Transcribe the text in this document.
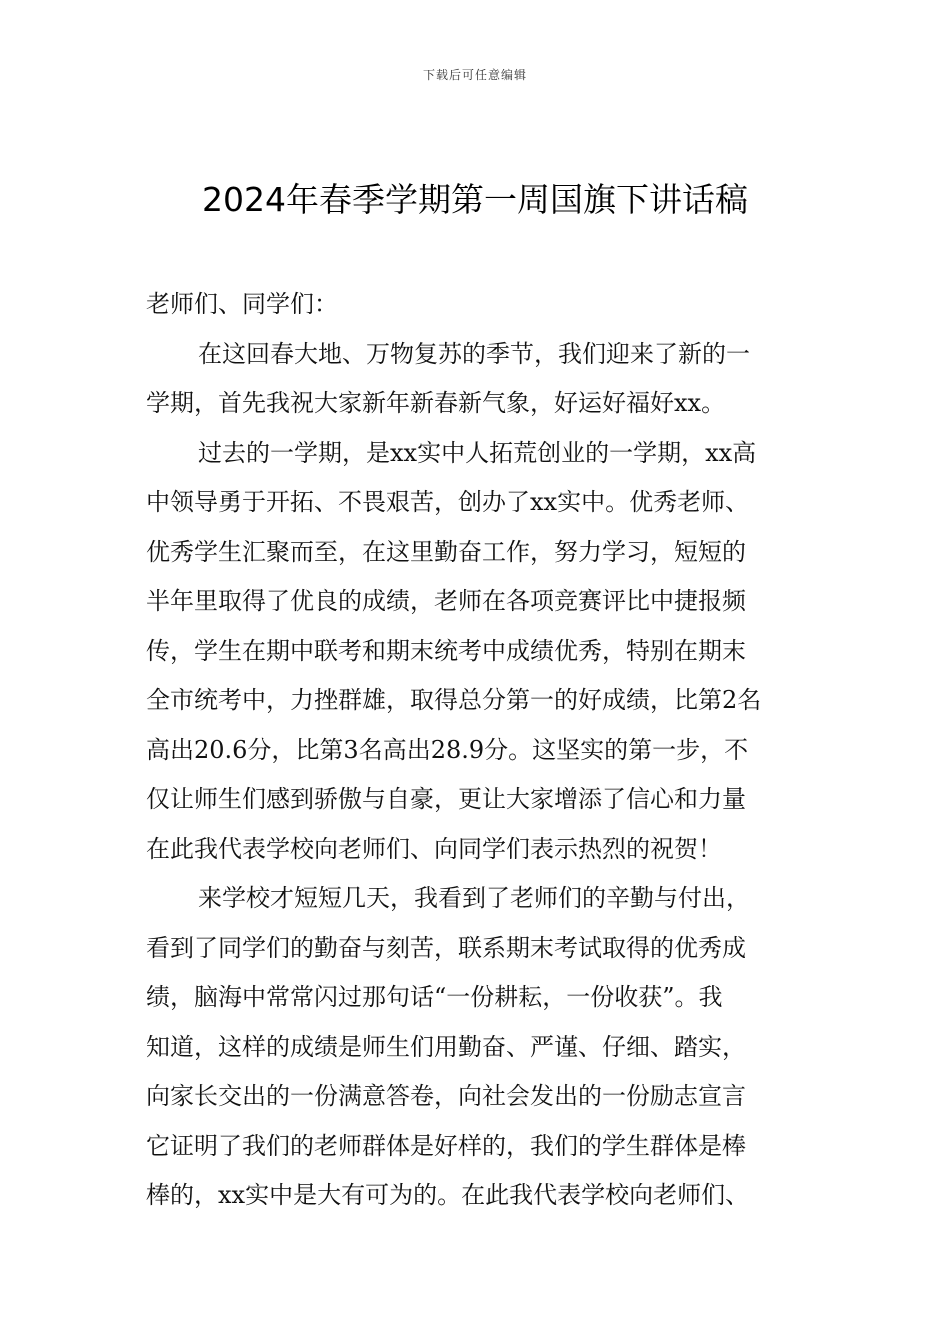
下载后可任意编辑
2024年春季学期第一周国旗下讲话稿
老师们、同学们：
在这回春大地、万物复苏的季节，我们迎来了新的一
学期，首先我祝大家新年新春新气象，好运好福好xx。
过去的一学期，是xx实中人拓荒创业的一学期，xx高
中领导勇于开拓、不畏艰苦，创办了xx实中。优秀老师、
优秀学生汇聚而至，在这里勤奋工作，努力学习，短短的
半年里取得了优良的成绩，老师在各项竞赛评比中捷报频
传，学生在期中联考和期末统考中成绩优秀，特别在期末
全市统考中，力挫群雄，取得总分第一的好成绩，比第2名
高出20.6分，比第3名高出28.9分。这坚实的第一步，不
仅让师生们感到骄傲与自豪，更让大家增添了信心和力量
在此我代表学校向老师们、向同学们表示热烈的祝贺！
来学校才短短几天，我看到了老师们的辛勤与付出，
看到了同学们的勤奋与刻苦，联系期末考试取得的优秀成
绩，脑海中常常闪过那句话“一份耕耘，一份收获”。我
知道，这样的成绩是师生们用勤奋、严谨、仔细、踏实，
向家长交出的一份满意答卷，向社会发出的一份励志宣言
它证明了我们的老师群体是好样的，我们的学生群体是棒
棒的，xx实中是大有可为的。在此我代表学校向老师们、
